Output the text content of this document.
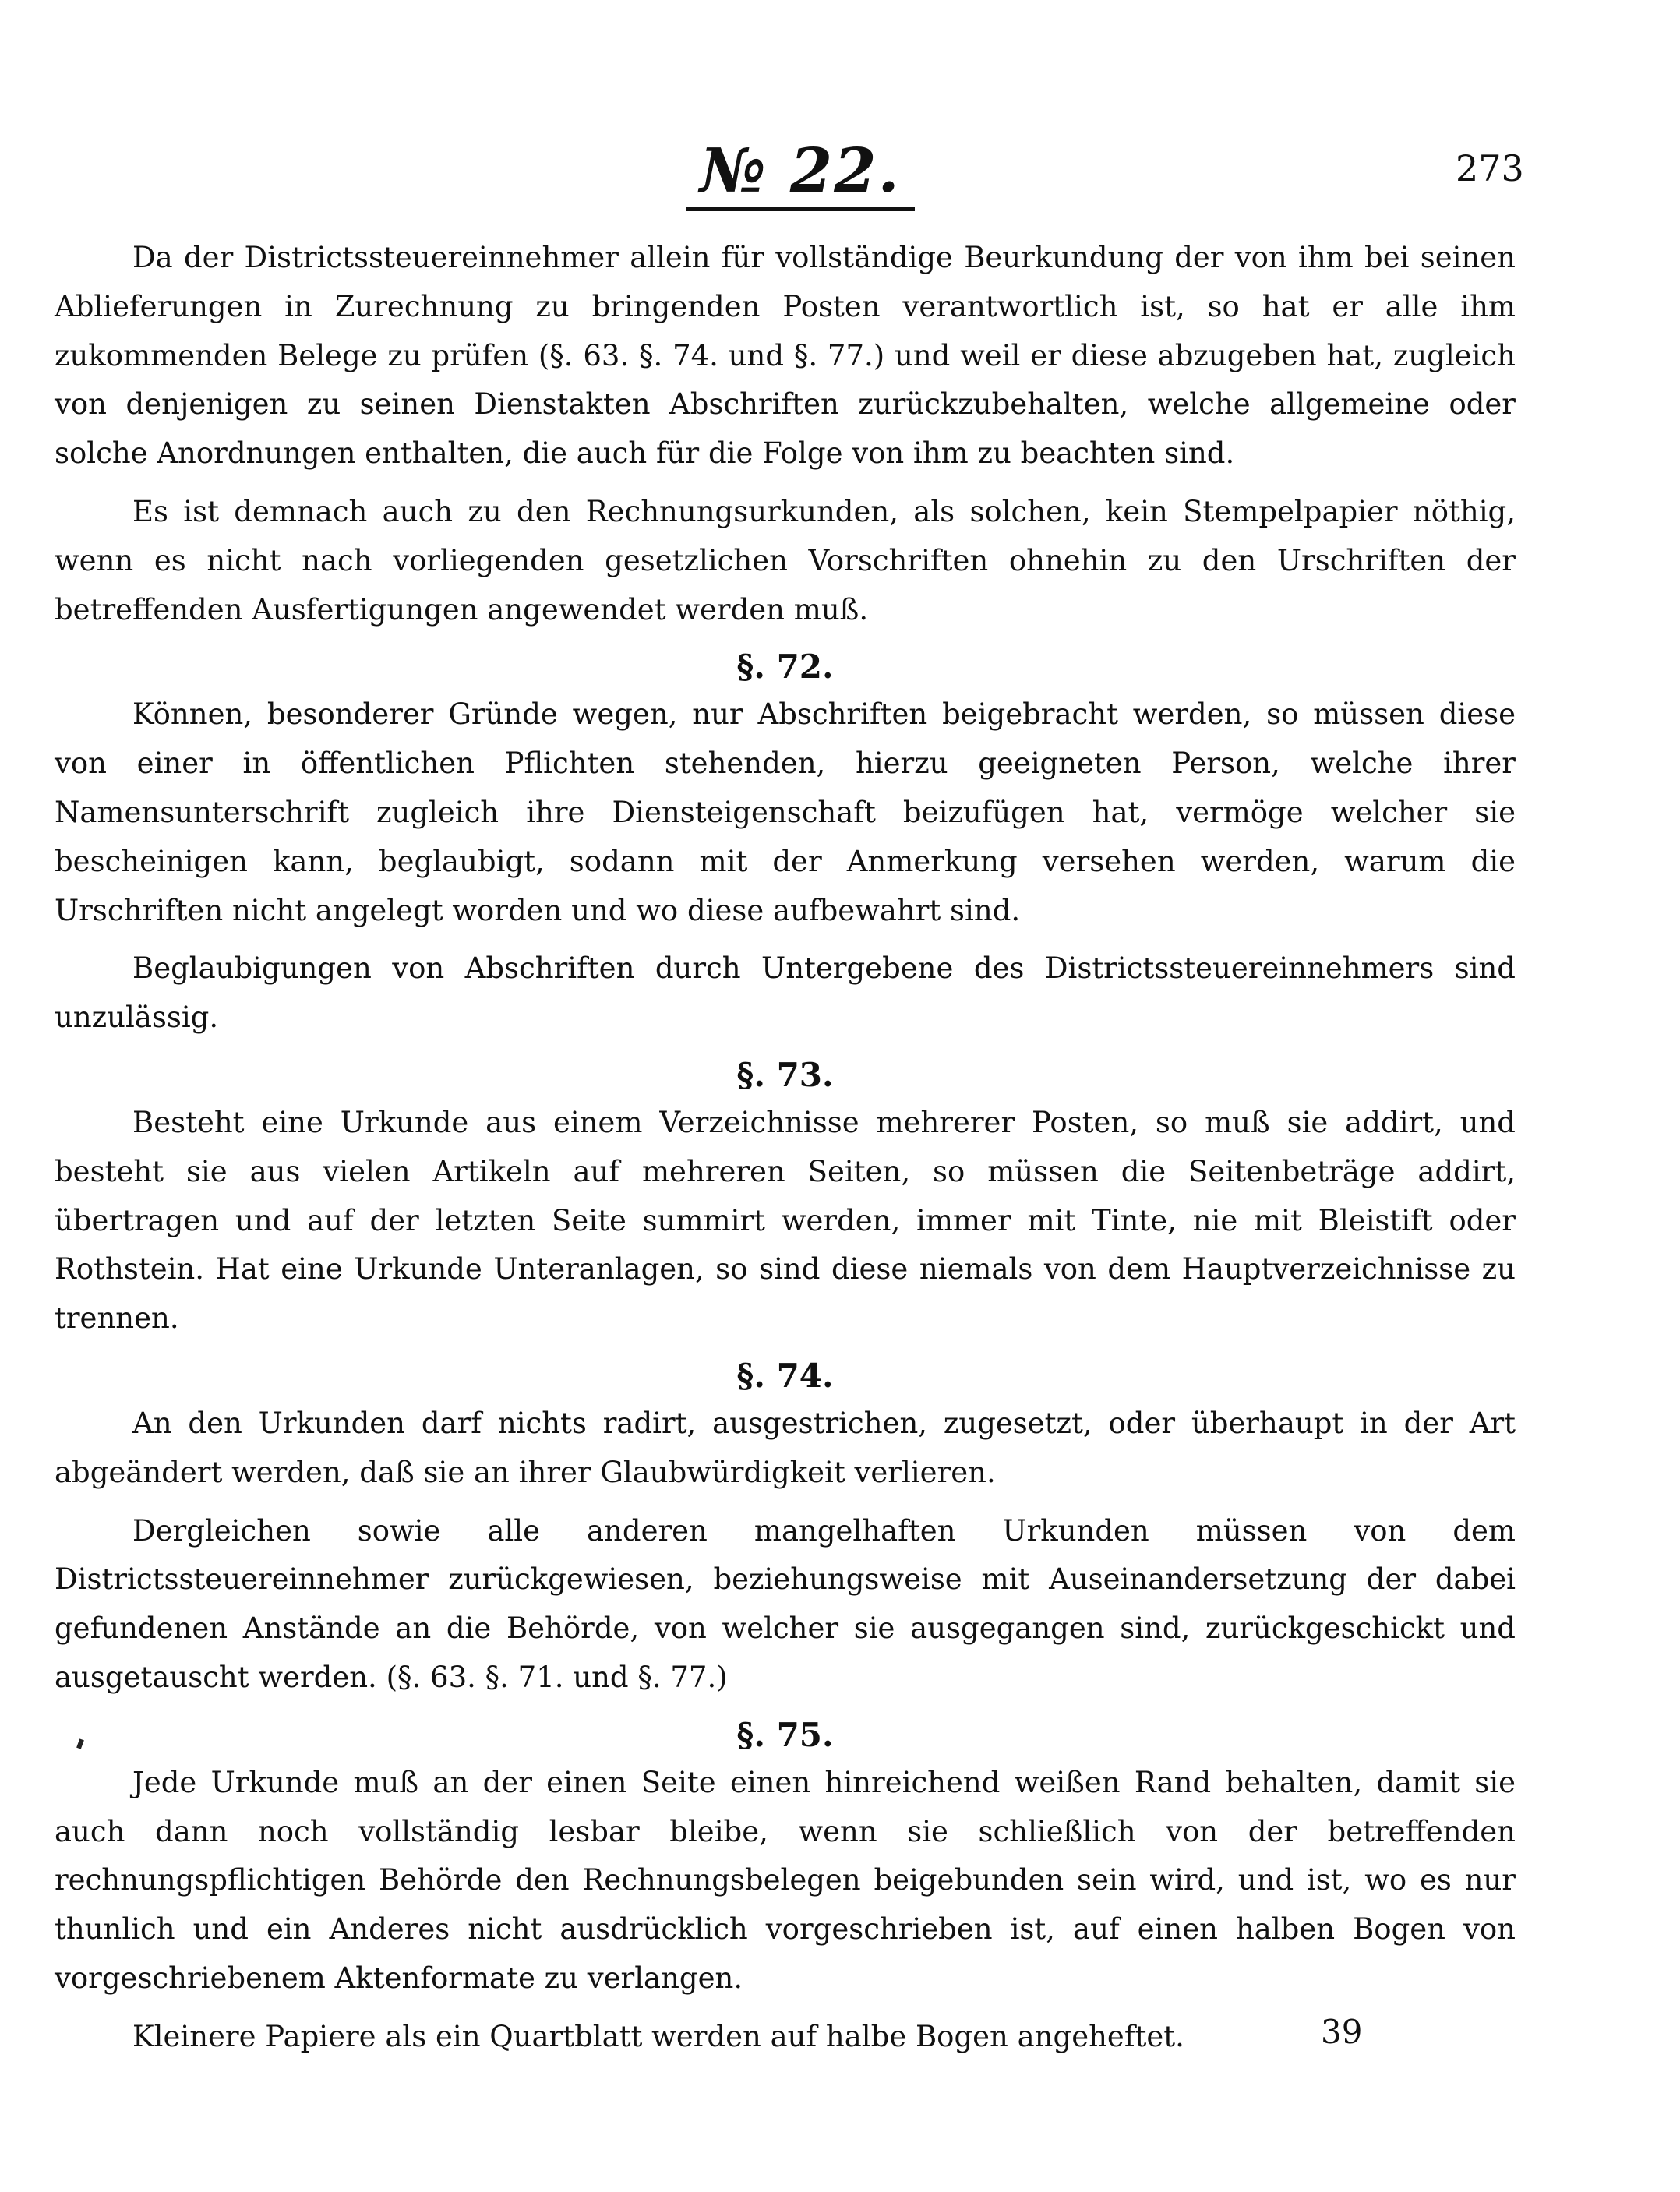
№ 22.	273

Da der Districtssteuereinnehmer allein für vollständige Beurkundung der von ihm bei seinen Ablieferungen in Zurechnung zu bringenden Posten verantwortlich ist, so hat er alle ihm zukommenden Belege zu prüfen (§. 63. §. 74. und §. 77.) und weil er diese abzugeben hat, zugleich von denjenigen zu seinen Dienstakten Abschriften zurückzubehalten, welche allgemeine oder solche Anordnungen enthalten, die auch für die Folge von ihm zu beachten sind.

Es ist demnach auch zu den Rechnungsurkunden, als solchen, kein Stempelpapier nöthig, wenn es nicht nach vorliegenden gesetzlichen Vorschriften ohnehin zu den Urschriften der betreffenden Ausfertigungen angewendet werden muß.

§. 72.

Können, besonderer Gründe wegen, nur Abschriften beigebracht werden, so müssen diese von einer in öffentlichen Pflichten stehenden, hierzu geeigneten Person, welche ihrer Namensunterschrift zugleich ihre Diensteigenschaft beizufügen hat, vermöge welcher sie bescheinigen kann, beglaubigt, sodann mit der Anmerkung versehen werden, warum die Urschriften nicht angelegt worden und wo diese aufbewahrt sind.

Beglaubigungen von Abschriften durch Untergebene des Districtssteuereinnehmers sind unzulässig.

§. 73.

Besteht eine Urkunde aus einem Verzeichnisse mehrerer Posten, so muß sie addirt, und besteht sie aus vielen Artikeln auf mehreren Seiten, so müssen die Seitenbeträge addirt, übertragen und auf der letzten Seite summirt werden, immer mit Tinte, nie mit Bleistift oder Rothstein. Hat eine Urkunde Unteranlagen, so sind diese niemals von dem Hauptverzeichnisse zu trennen.

§. 74.

An den Urkunden darf nichts radirt, ausgestrichen, zugesetzt, oder überhaupt in der Art abgeändert werden, daß sie an ihrer Glaubwürdigkeit verlieren.

Dergleichen sowie alle anderen mangelhaften Urkunden müssen von dem Districtssteuereinnehmer zurückgewiesen, beziehungsweise mit Auseinandersetzung der dabei gefundenen Anstände an die Behörde, von welcher sie ausgegangen sind, zurückgeschickt und ausgetauscht werden. (§. 63. §. 71. und §. 77.)

§. 75.

Jede Urkunde muß an der einen Seite einen hinreichend weißen Rand behalten, damit sie auch dann noch vollständig lesbar bleibe, wenn sie schließlich von der betreffenden rechnungspflichtigen Behörde den Rechnungsbelegen beigebunden sein wird, und ist, wo es nur thunlich und ein Anderes nicht ausdrücklich vorgeschrieben ist, auf einen halben Bogen von vorgeschriebenem Aktenformate zu verlangen.

Kleinere Papiere als ein Quartblatt werden auf halbe Bogen angeheftet.	39
